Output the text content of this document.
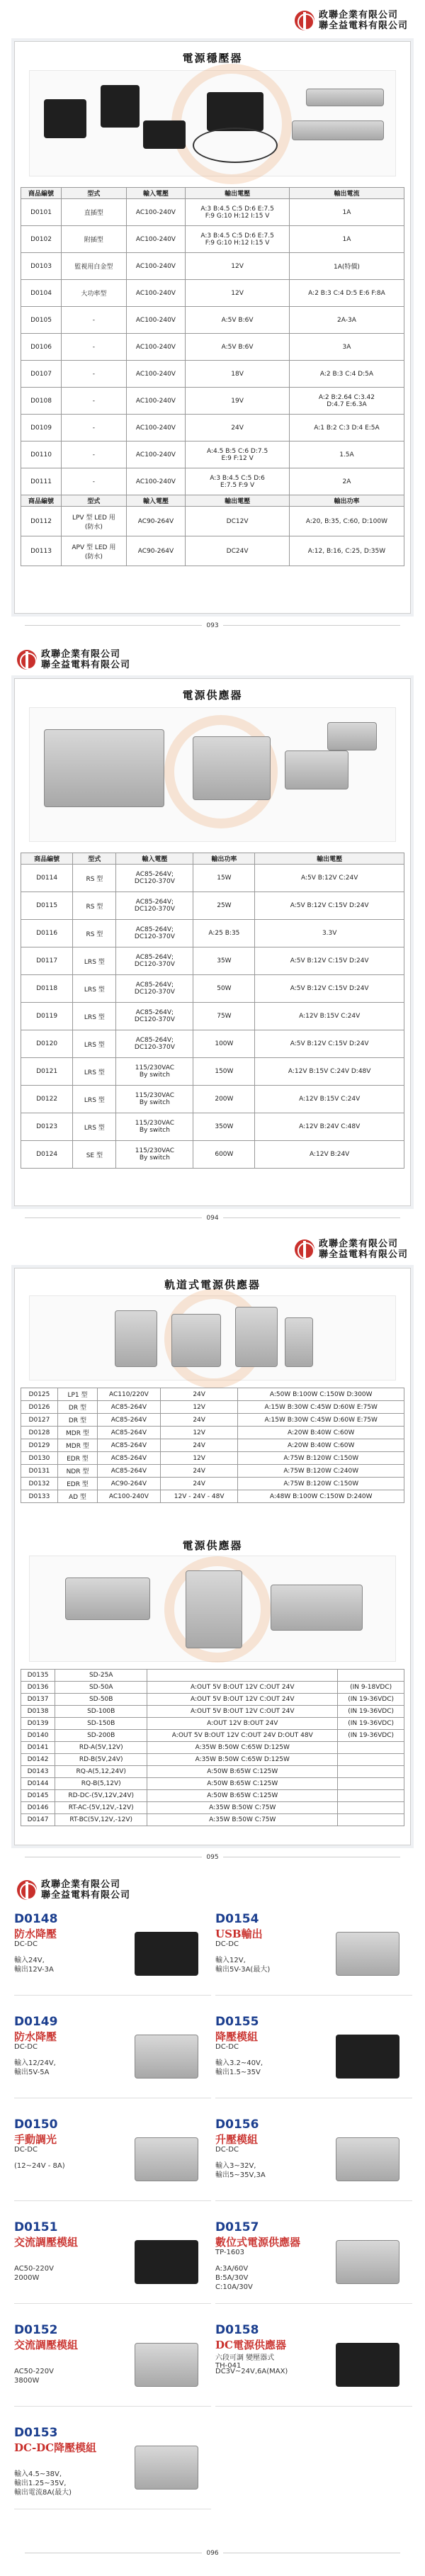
政聯企業有限公司
聯全益電料有限公司
電源穩壓器
商品編號	型式	輸入電壓	輸出電壓	輸出電流
D0101	直插型	AC100-240V	A:3 B:4.5 C:5 D:6 E:7.5
F:9 G:10 H:12 I:15 V	1A
D0102	附插型	AC100-240V	A:3 B:4.5 C:5 D:6 E:7.5
F:9 G:10 H:12 I:15 V	1A
D0103	監視用白金型	AC100-240V	12V	1A(特價)
D0104	大功率型	AC100-240V	12V	A:2 B:3 C:4 D:5 E:6 F:8A
D0105	-	AC100-240V	A:5V B:6V	2A-3A
D0106	-	AC100-240V	A:5V B:6V	3A
D0107	-	AC100-240V	18V	A:2 B:3 C:4 D:5A
D0108	-	AC100-240V	19V	A:2 B:2.64 C:3.42
D:4.7 E:6.3A
D0109	-	AC100-240V	24V	A:1 B:2 C:3 D:4 E:5A
D0110	-	AC100-240V	A:4.5 B:5 C:6 D:7.5
E:9 F:12 V	1.5A
D0111	-	AC100-240V	A:3 B:4.5 C:5 D:6
E:7.5 F:9 V	2A
商品編號	型式	輸入電壓	輸出電壓	輸出功率
D0112	LPV 型 LED 用
(防水)	AC90-264V	DC12V	A:20, B:35, C:60, D:100W
D0113	APV 型 LED 用
(防水)	AC90-264V	DC24V	A:12, B:16, C:25, D:35W
093
政聯企業有限公司
聯全益電料有限公司
電源供應器
商品編號	型式	輸入電壓	輸出功率	輸出電壓
D0114	RS 型	AC85-264V;
DC120-370V	15W	A:5V B:12V C:24V
D0115	RS 型	AC85-264V;
DC120-370V	25W	A:5V B:12V C:15V D:24V
D0116	RS 型	AC85-264V;
DC120-370V	A:25 B:35	3.3V
D0117	LRS 型	AC85-264V;
DC120-370V	35W	A:5V B:12V C:15V D:24V
D0118	LRS 型	AC85-264V;
DC120-370V	50W	A:5V B:12V C:15V D:24V
D0119	LRS 型	AC85-264V;
DC120-370V	75W	A:12V B:15V C:24V
D0120	LRS 型	AC85-264V;
DC120-370V	100W	A:5V B:12V C:15V D:24V
D0121	LRS 型	115/230VAC
By switch	150W	A:12V B:15V C:24V D:48V
D0122	LRS 型	115/230VAC
By switch	200W	A:12V B:15V C:24V
D0123	LRS 型	115/230VAC
By switch	350W	A:12V B:24V C:48V
D0124	SE 型	115/230VAC
By switch	600W	A:12V B:24V
094
政聯企業有限公司
聯全益電料有限公司
軌道式電源供應器
D0125	LP1 型	AC110/220V	24V	A:50W B:100W C:150W D:300W
D0126	DR 型	AC85-264V	12V	A:15W B:30W C:45W D:60W E:75W
D0127	DR 型	AC85-264V	24V	A:15W B:30W C:45W D:60W E:75W
D0128	MDR 型	AC85-264V	12V	A:20W B:40W C:60W
D0129	MDR 型	AC85-264V	24V	A:20W B:40W C:60W
D0130	EDR 型	AC85-264V	12V	A:75W B:120W C:150W
D0131	NDR 型	AC85-264V	24V	A:75W B:120W C:240W
D0132	EDR 型	AC90-264V	24V	A:75W B:120W C:150W
D0133	AD 型	AC100-240V	12V - 24V - 48V	A:48W B:100W C:150W D:240W
電源供應器
D0135	SD-25A		
D0136	SD-50A	A:OUT 5V B:OUT 12V C:OUT 24V	(IN 9-18VDC)
D0137	SD-50B	A:OUT 5V B:OUT 12V C:OUT 24V	(IN 19-36VDC)
D0138	SD-100B	A:OUT 5V B:OUT 12V C:OUT 24V	(IN 19-36VDC)
D0139	SD-150B	A:OUT 12V B:OUT 24V	(IN 19-36VDC)
D0140	SD-200B	A:OUT 5V B:OUT 12V C:OUT 24V D:OUT 48V	(IN 19-36VDC)
D0141	RD-A(5V,12V)	A:35W B:50W C:65W D:125W	
D0142	RD-B(5V,24V)	A:35W B:50W C:65W D:125W	
D0143	RQ-A(5,12,24V)	A:50W B:65W C:125W	
D0144	RQ-B(5,12V)	A:50W B:65W C:125W	
D0145	RD-DC-(5V,12V,24V)	A:50W B:65W C:125W	
D0146	RT-AC-(5V,12V,-12V)	A:35W B:50W C:75W	
D0147	RT-BC(5V,12V,-12V)	A:35W B:50W C:75W	
095
政聯企業有限公司
聯全益電料有限公司
D0148
防水降壓
DC-DC
輸入24V,
輸出12V-3A
D0154
USB輸出
DC-DC
輸入12V,
輸出5V-3A(最大)
D0149
防水降壓
DC-DC
輸入12/24V,
輸出5V-5A
D0155
降壓模組
DC-DC
輸入3.2~40V,
輸出1.5~35V
D0150
手動調光
DC-DC
(12~24V - 8A)
D0156
升壓模組
DC-DC
輸入3~32V,
輸出5~35V,3A
D0151
交流調壓模組
AC50-220V
2000W
D0157
數位式電源供應器
TP-1603
A:3A/60V
B:5A/30V
C:10A/30V
D0152
交流調壓模組
AC50-220V
3800W
D0158
DC電源供應器
六段可調 變壓器式
TH-041
DC3V~24V,6A(MAX)
D0153
DC-DC降壓模組
輸入4.5~38V,
輸出1.25~35V,
輸出電流8A(最大)
096
